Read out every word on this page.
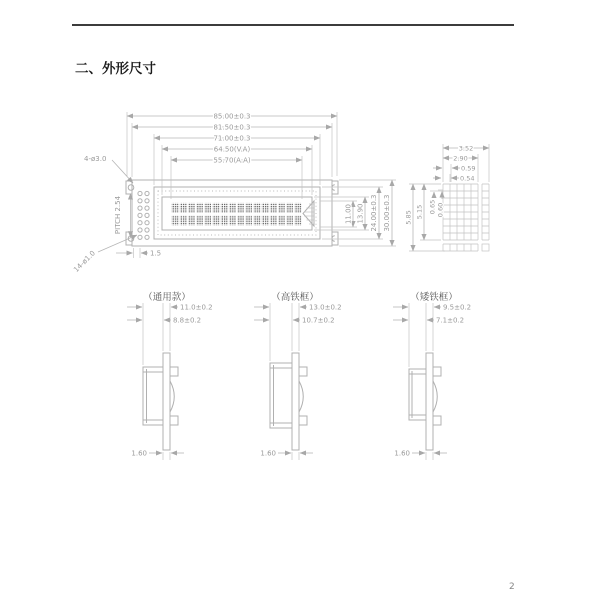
二、外形尺寸
85.00±0.3
81.50±0.3
71.00±0.3
64.50(V.A)
55.70(A.A)
11.00 13.90 24.00±0.3 30.00±0.3
4-ø3.0
PITCH 2.54
14-ø1.0	1.5
3.52
2.90
0.59
0.54
5.85 5.15 0.65 0.60
（通用款）
11.0±0.2
8.8±0.2
1.60
（高铁框）
13.0±0.2
10.7±0.2
1.60
（矮铁框）
9.5±0.2
7.1±0.2
1.60
2
